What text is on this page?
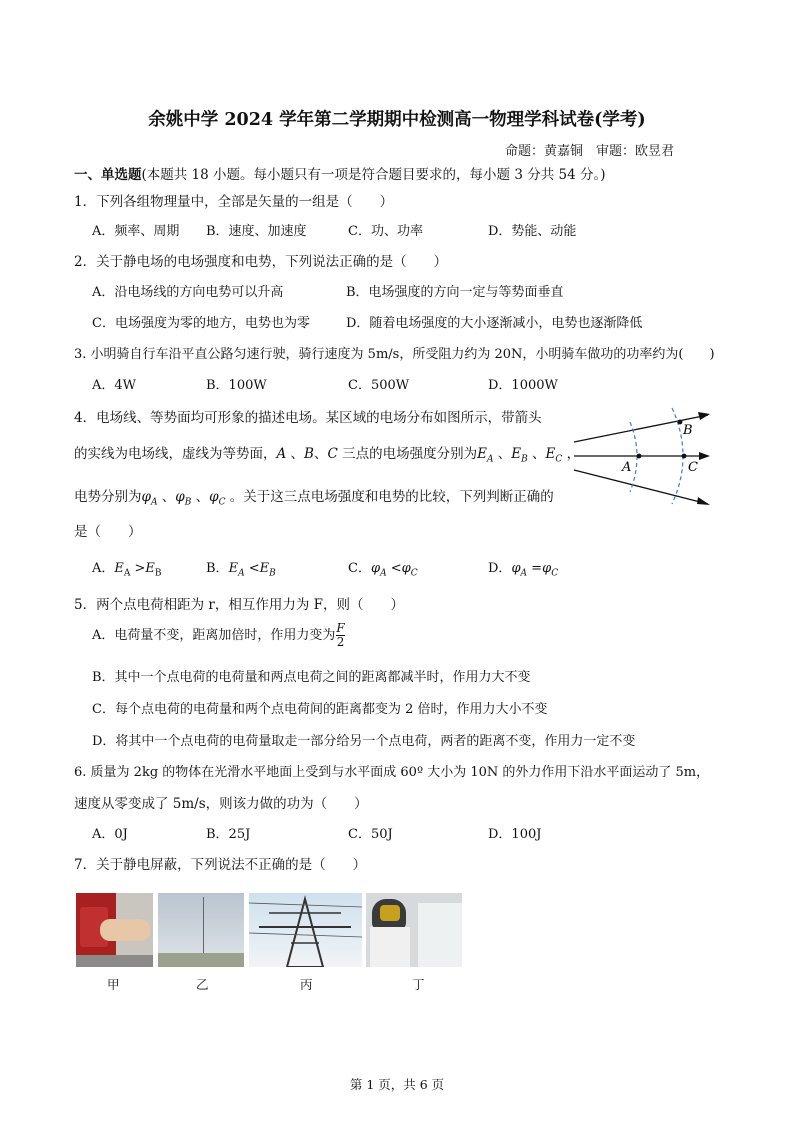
余姚中学 2024 学年第二学期期中检测高一物理学科试卷(学考)
命题：黄嘉铜　审题：欧昱君
一、单选题(本题共 18 小题。每小题只有一项是符合题目要求的，每小题 3 分共 54 分。)
1．下列各组物理量中，全部是矢量的一组是（　　）
A．频率、周期 B．速度、加速度	C．功、功率	D．势能、动能
2．关于静电场的电场强度和电势，下列说法正确的是（　　）
A．沿电场线的方向电势可以升高	B．电场强度的方向一定与等势面垂直
C．电场强度为零的地方，电势也为零	D．随着电场强度的大小逐渐减小，电势也逐渐降低
3. 小明骑自行车沿平直公路匀速行驶，骑行速度为 5m/s，所受阻力约为 20N，小明骑车做功的功率约为(　　)
A．4W	B．100W	C．500W	D．1000W
4．电场线、等势面均可形象的描述电场。某区域的电场分布如图所示，带箭头
的实线为电场线，虚线为等势面，A 、B、C 三点的电场强度分别为$E_A$ 、$E_B$ 、$E_C$ ，
电势分别为$\varphi_A$ 、$\varphi_B$ 、$\varphi_C$ 。关于这三点电场强度和电势的比较，下列判断正确的
是（　　）
A
B
C
A．$E_A >E_B$	B．$E_A <E_B$	C．$\varphi_A <\varphi_C$	D．$\varphi_A =\varphi_C$
5．两个点电荷相距为 r，相互作用力为 F，则（　　）
A．电荷量不变，距离加倍时，作用力变为 $\frac{F}{2}$
B．其中一个点电荷的电荷量和两点电荷之间的距离都减半时，作用力大不变
C．每个点电荷的电荷量和两个点电荷间的距离都变为 2 倍时，作用力大小不变
D．将其中一个点电荷的电荷量取走一部分给另一个点电荷，两者的距离不变，作用力一定不变
6. 质量为 2kg 的物体在光滑水平地面上受到与水平面成 60º 大小为 10N 的外力作用下沿水平面运动了 5m，
速度从零变成了 5m/s，则该力做的功为（　　）
A．0J	B．25J	C．50J	D．100J
7．关于静电屏蔽，下列说法不正确的是（　　）
甲	乙	丙	丁
第 1 页，共 6 页
